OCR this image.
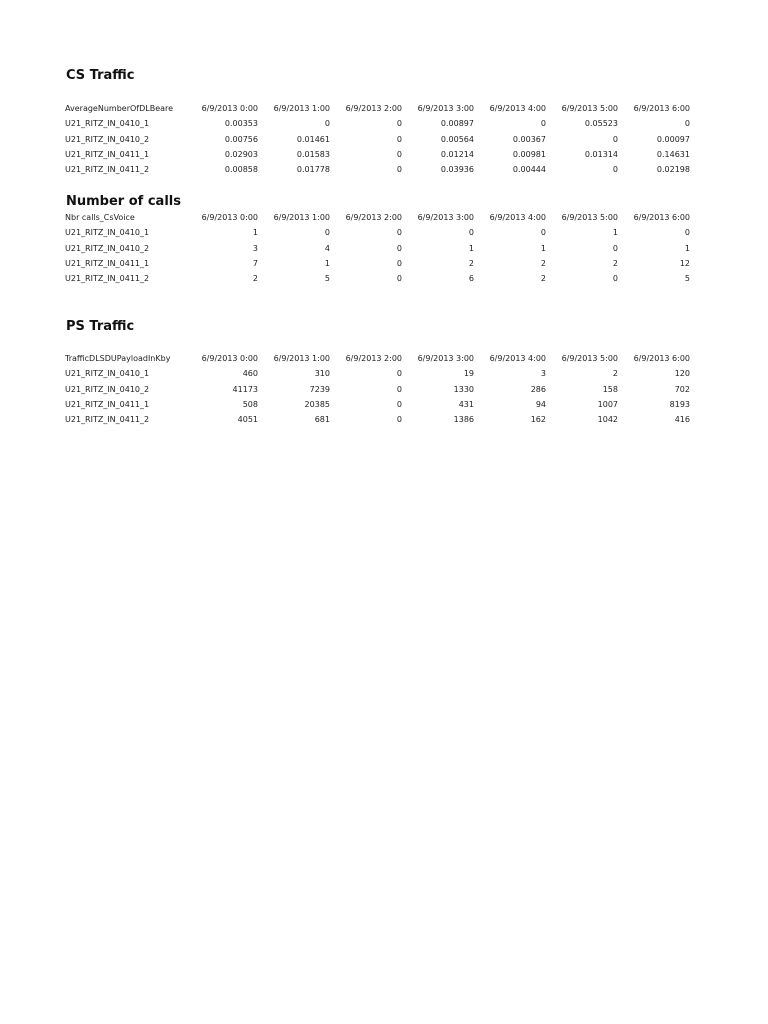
CS Traffic
AverageNumberOfDLBeare	6/9/2013 0:00	6/9/2013 1:00	6/9/2013 2:00	6/9/2013 3:00	6/9/2013 4:00	6/9/2013 5:00	6/9/2013 6:00
U21_RITZ_IN_0410_1	0.00353	0	0	0.00897	0	0.05523	0
U21_RITZ_IN_0410_2	0.00756	0.01461	0	0.00564	0.00367	0	0.00097
U21_RITZ_IN_0411_1	0.02903	0.01583	0	0.01214	0.00981	0.01314	0.14631
U21_RITZ_IN_0411_2	0.00858	0.01778	0	0.03936	0.00444	0	0.02198
Number of calls
Nbr calls_CsVoice	6/9/2013 0:00	6/9/2013 1:00	6/9/2013 2:00	6/9/2013 3:00	6/9/2013 4:00	6/9/2013 5:00	6/9/2013 6:00
U21_RITZ_IN_0410_1	1	0	0	0	0	1	0
U21_RITZ_IN_0410_2	3	4	0	1	1	0	1
U21_RITZ_IN_0411_1	7	1	0	2	2	2	12
U21_RITZ_IN_0411_2	2	5	0	6	2	0	5
PS Traffic
TrafficDLSDUPayloadInKby	6/9/2013 0:00	6/9/2013 1:00	6/9/2013 2:00	6/9/2013 3:00	6/9/2013 4:00	6/9/2013 5:00	6/9/2013 6:00
U21_RITZ_IN_0410_1	460	310	0	19	3	2	120
U21_RITZ_IN_0410_2	41173	7239	0	1330	286	158	702
U21_RITZ_IN_0411_1	508	20385	0	431	94	1007	8193
U21_RITZ_IN_0411_2	4051	681	0	1386	162	1042	416
